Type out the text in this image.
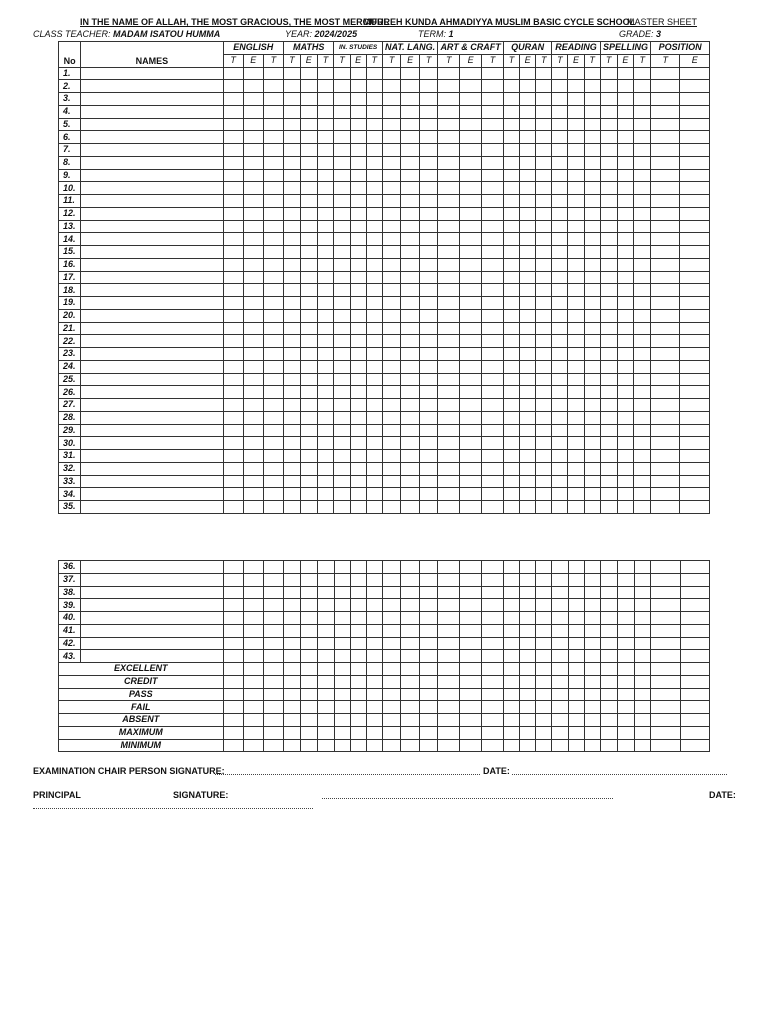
IN THE NAME OF ALLAH, THE MOST GRACIOUS, THE MOST MERCIFUL
MURREH KUNDA AHMADIYYA MUSLIM BASIC CYCLE SCHOOL
MASTER SHEET
CLASS TEACHER: MADAM ISATOU HUMMA	YEAR: 2024/2025	TERM: 1	GRADE: 3
No	NAMES	ENGLISH			MATHS			IN. STUDIES			NAT. LANG.			ART & CRAFT			QURAN			READING			SPELLING			POSITION	
		T	E	T	T	E	T	T	E	T	T	E	T	T	E	T	T	E	T	T	E	T	T	E	T	T	E
1.																											
2.																											
3.																											
4.																											
5.																											
6.																											
7.																											
8.																											
9.																											
10.																											
11.																											
12.																											
13.																											
14.																											
15.																											
16.																											
17.																											
18.																											
19.																											
20.																											
21.																											
22.																											
23.																											
24.																											
25.																											
26.																											
27.																											
28.																											
29.																											
30.																											
31.																											
32.																											
33.																											
34.																											
35.																											
36.																											
37.																											
38.																											
39.																											
40.																											
41.																											
42.																											
43.																											
EXCELLENT																											
CREDIT																											
PASS																											
FAIL																											
ABSENT																											
MAXIMUM																											
MINIMUM																											
EXAMINATION CHAIR PERSON SIGNATURE:	DATE:
PRINCIPAL	SIGNATURE:	DATE:
